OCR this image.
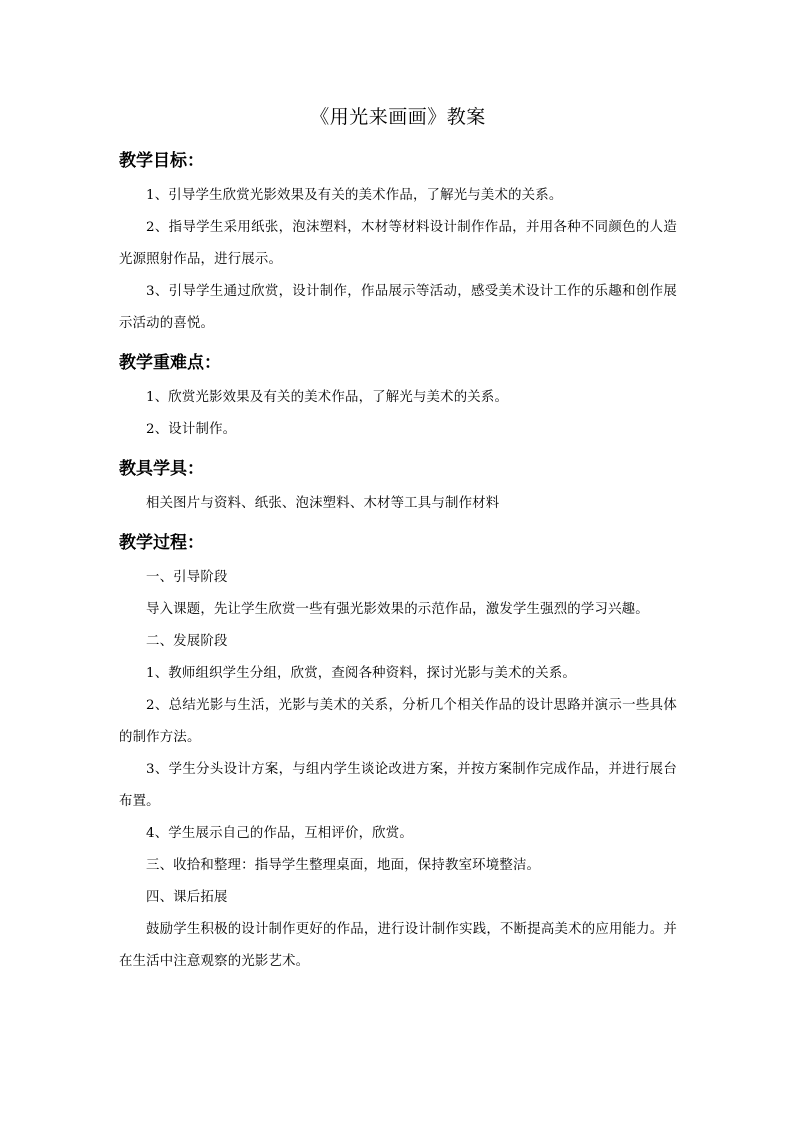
《用光来画画》教案
教学目标：

1、引导学生欣赏光影效果及有关的美术作品，了解光与美术的关系。

2、指导学生采用纸张，泡沫塑料，木材等材料设计制作作品，并用各种不同颜色的人造光源照射作品，进行展示。

3、引导学生通过欣赏，设计制作，作品展示等活动，感受美术设计工作的乐趣和创作展示活动的喜悦。

教学重难点：

1、欣赏光影效果及有关的美术作品，了解光与美术的关系。

2、设计制作。

教具学具：

相关图片与资料、纸张、泡沫塑料、木材等工具与制作材料

教学过程：

一、引导阶段

导入课题，先让学生欣赏一些有强光影效果的示范作品，激发学生强烈的学习兴趣。

二、发展阶段

1、教师组织学生分组，欣赏，查阅各种资料，探讨光影与美术的关系。

2、总结光影与生活，光影与美术的关系，分析几个相关作品的设计思路并演示一些具体的制作方法。

3、学生分头设计方案，与组内学生谈论改进方案，并按方案制作完成作品，并进行展台布置。

4、学生展示自己的作品，互相评价，欣赏。

三、收拾和整理：指导学生整理桌面，地面，保持教室环境整洁。

四、课后拓展

鼓励学生积极的设计制作更好的作品，进行设计制作实践，不断提高美术的应用能力。并在生活中注意观察的光影艺术。
